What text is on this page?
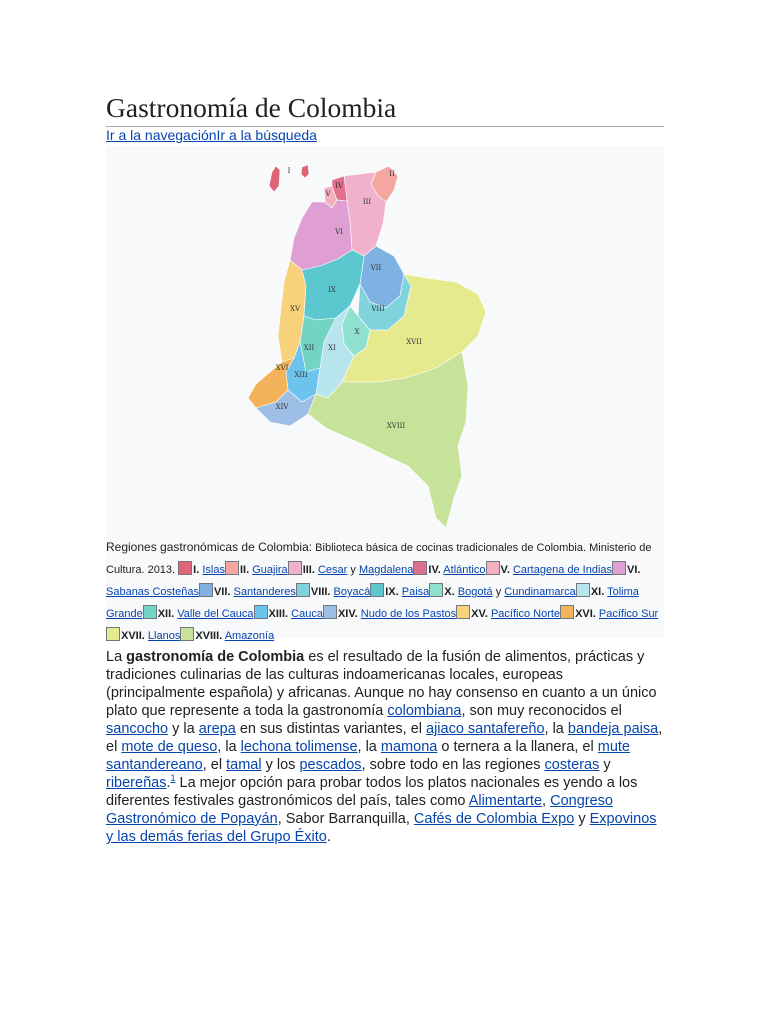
Gastronomía de Colombia
Ir a la navegaciónIr a la búsqueda
I	II
III
IV
V
VI
VII
VIII
IX
X
XI
XII
XIII
XIV
XV
XVI
XVII
XVIII
Regiones gastronómicas de Colombia: Biblioteca básica de cocinas tradicionales de Colombia. Ministerio de Cultura. 2013. I. Islas II. Guajira III. Cesar y Magdalena IV. Atlántico V. Cartagena de Indias VI. Sabanas Costeñas VII. Santanderes VIII. Boyacá IX. Paisa X. Bogotá y Cundinamarca XI. Tolima Grande XII. Valle del Cauca XIII. Cauca XIV. Nudo de los Pastos XV. Pacífico Norte XVI. Pacífico SurXVII. Llanos XVIII. Amazonía
La gastronomía de Colombia es el resultado de la fusión de alimentos, prácticas y tradiciones culinarias de las culturas indoamericanas locales, europeas (principalmente española) y africanas. Aunque no hay consenso en cuanto a un único plato que represente a toda la gastronomía colombiana, son muy reconocidos el sancocho y la arepa en sus distintas variantes, el ajiaco santafereño, la bandeja paisa, el mote de queso, la lechona tolimense, la mamona o ternera a la llanera, el mute santandereano, el tamal y los pescados, sobre todo en las regiones costeras y ribereñas.$^1$ La mejor opción para probar todos los platos nacionales es yendo a los diferentes festivales gastronómicos del país, tales como Alimentarte, Congreso Gastronómico de Popayán, Sabor Barranquilla, Cafés de Colombia Expo y Expovinos y las demás ferias del Grupo Éxito.
